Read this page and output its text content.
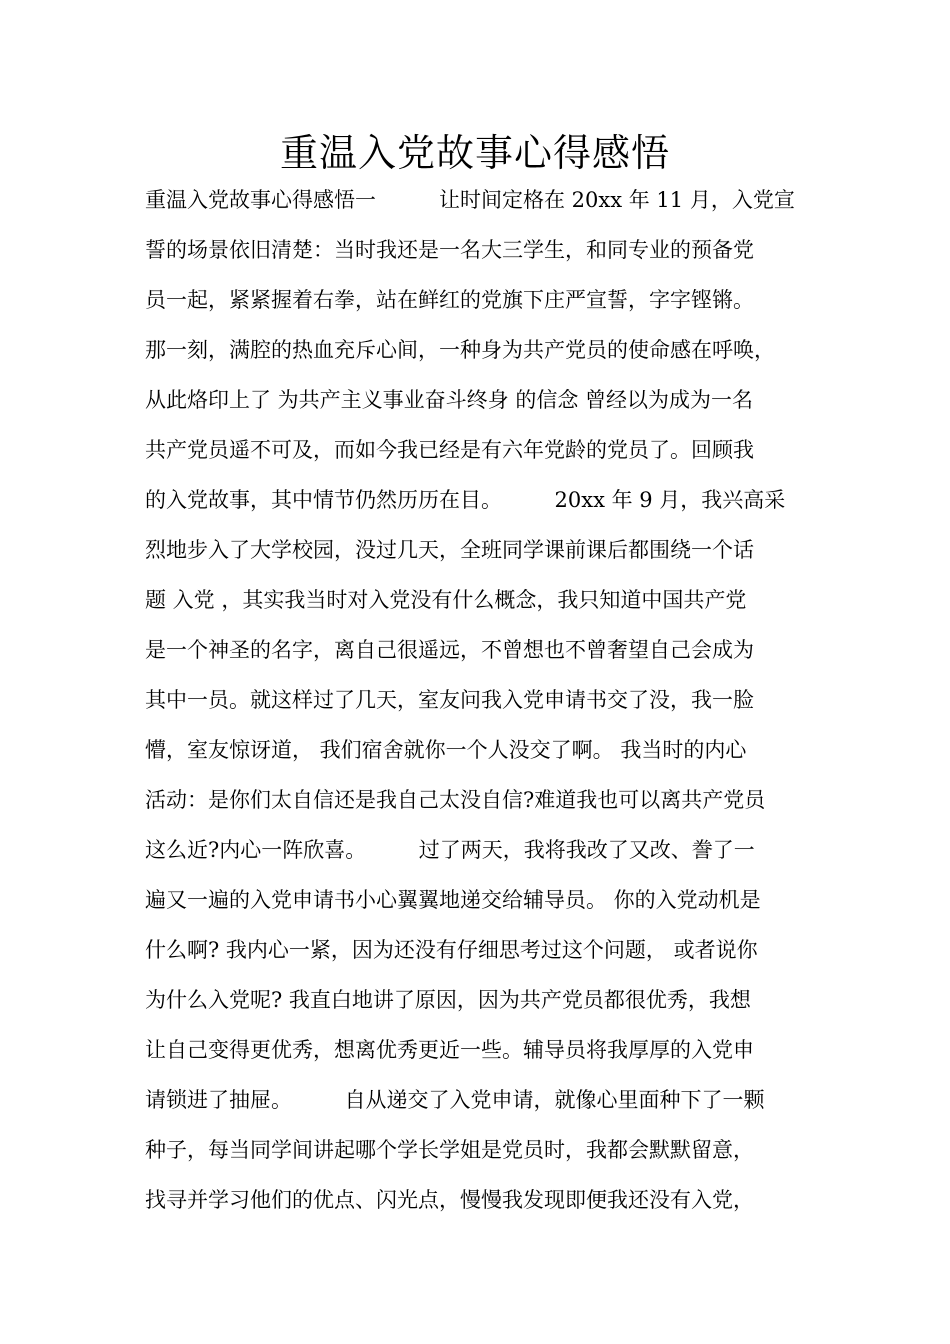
重温入党故事心得感悟
重温入党故事心得感悟一　　　让时间定格在 20xx 年 11 月，入党宣
誓的场景依旧清楚：当时我还是一名大三学生，和同专业的预备党
员一起，紧紧握着右拳，站在鲜红的党旗下庄严宣誓，字字铿锵。
那一刻，满腔的热血充斥心间，一种身为共产党员的使命感在呼唤，
从此烙印上了 为共产主义事业奋斗终身 的信念 曾经以为成为一名
共产党员遥不可及，而如今我已经是有六年党龄的党员了。回顾我
的入党故事，其中情节仍然历历在目。　　　20xx 年 9 月，我兴高采
烈地步入了大学校园，没过几天，全班同学课前课后都围绕一个话
题 入党 ，其实我当时对入党没有什么概念，我只知道中国共产党
是一个神圣的名字，离自己很遥远，不曾想也不曾奢望自己会成为
其中一员。就这样过了几天，室友问我入党申请书交了没，我一脸
懵，室友惊讶道， 我们宿舍就你一个人没交了啊。 我当时的内心
活动：是你们太自信还是我自己太没自信?难道我也可以离共产党员
这么近?内心一阵欣喜。　　　过了两天，我将我改了又改、誊了一
遍又一遍的入党申请书小心翼翼地递交给辅导员。 你的入党动机是
什么啊? 我内心一紧，因为还没有仔细思考过这个问题， 或者说你
为什么入党呢? 我直白地讲了原因，因为共产党员都很优秀，我想
让自己变得更优秀，想离优秀更近一些。辅导员将我厚厚的入党申
请锁进了抽屉。　　　自从递交了入党申请，就像心里面种下了一颗
种子，每当同学间讲起哪个学长学姐是党员时，我都会默默留意，
找寻并学习他们的优点、闪光点，慢慢我发现即便我还没有入党，
